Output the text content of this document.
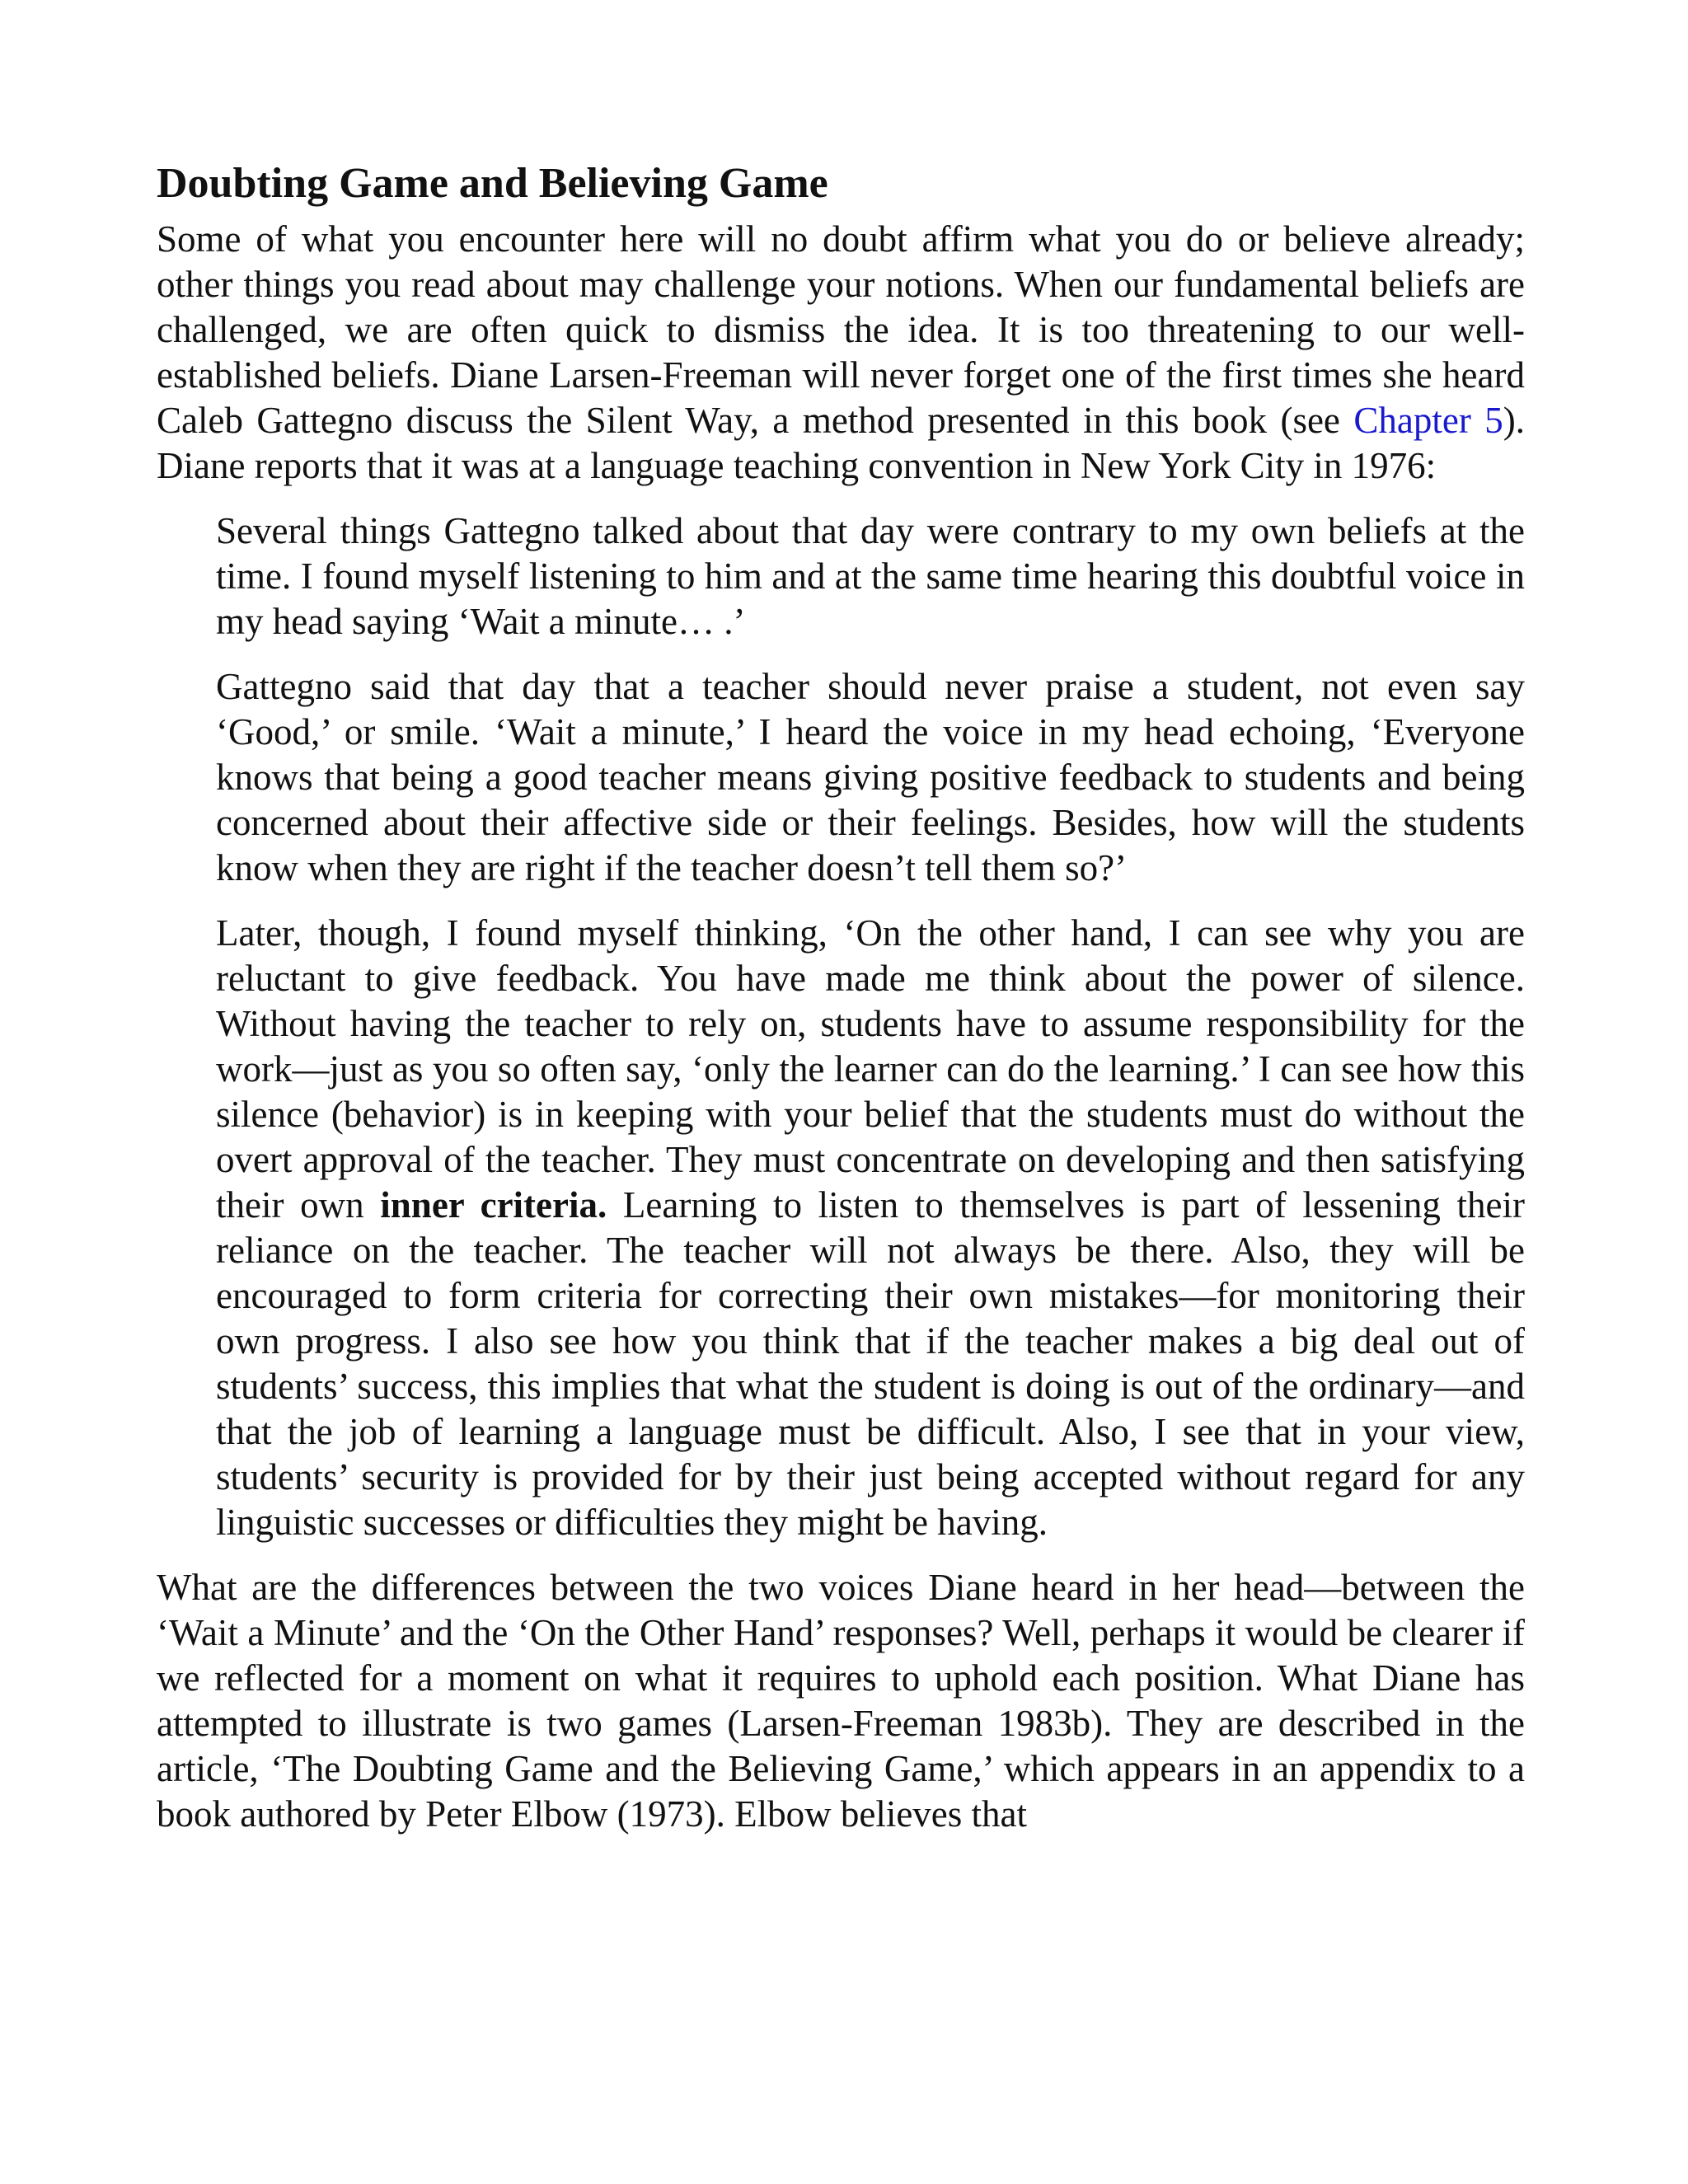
Doubting Game and Believing Game

Some of what you encounter here will no doubt affirm what you do or believe already; other things you read about may challenge your notions. When our fundamental beliefs are challenged, we are often quick to dismiss the idea. It is too threatening to our well-established beliefs. Diane Larsen-Freeman will never forget one of the first times she heard Caleb Gattegno discuss the Silent Way, a method presented in this book (see Chapter 5). Diane reports that it was at a language teaching convention in New York City in 1976:

Several things Gattegno talked about that day were contrary to my own beliefs at the time. I found myself listening to him and at the same time hearing this doubtful voice in my head saying ‘Wait a minute… .’

Gattegno said that day that a teacher should never praise a student, not even say ‘Good,’ or smile. ‘Wait a minute,’ I heard the voice in my head echoing, ‘Everyone knows that being a good teacher means giving positive feedback to students and being concerned about their affective side or their feelings. Besides, how will the students know when they are right if the teacher doesn’t tell them so?’

Later, though, I found myself thinking, ‘On the other hand, I can see why you are reluctant to give feedback. You have made me think about the power of silence. Without having the teacher to rely on, students have to assume responsibility for the work—just as you so often say, ‘only the learner can do the learning.’ I can see how this silence (behavior) is in keeping with your belief that the students must do without the overt approval of the teacher. They must concentrate on developing and then satisfying their own inner criteria. Learning to listen to themselves is part of lessening their reliance on the teacher. The teacher will not always be there. Also, they will be encouraged to form criteria for correcting their own mistakes—for monitoring their own progress. I also see how you think that if the teacher makes a big deal out of students’ success, this implies that what the student is doing is out of the ordinary—and that the job of learning a language must be difficult. Also, I see that in your view, students’ security is provided for by their just being accepted without regard for any linguistic successes or difficulties they might be having.

What are the differences between the two voices Diane heard in her head—between the ‘Wait a Minute’ and the ‘On the Other Hand’ responses? Well, perhaps it would be clearer if we reflected for a moment on what it requires to uphold each position. What Diane has attempted to illustrate is two games (Larsen-Freeman 1983b). They are described in the article, ‘The Doubting Game and the Believing Game,’ which appears in an appendix to a book authored by Peter Elbow (1973). Elbow believes that
